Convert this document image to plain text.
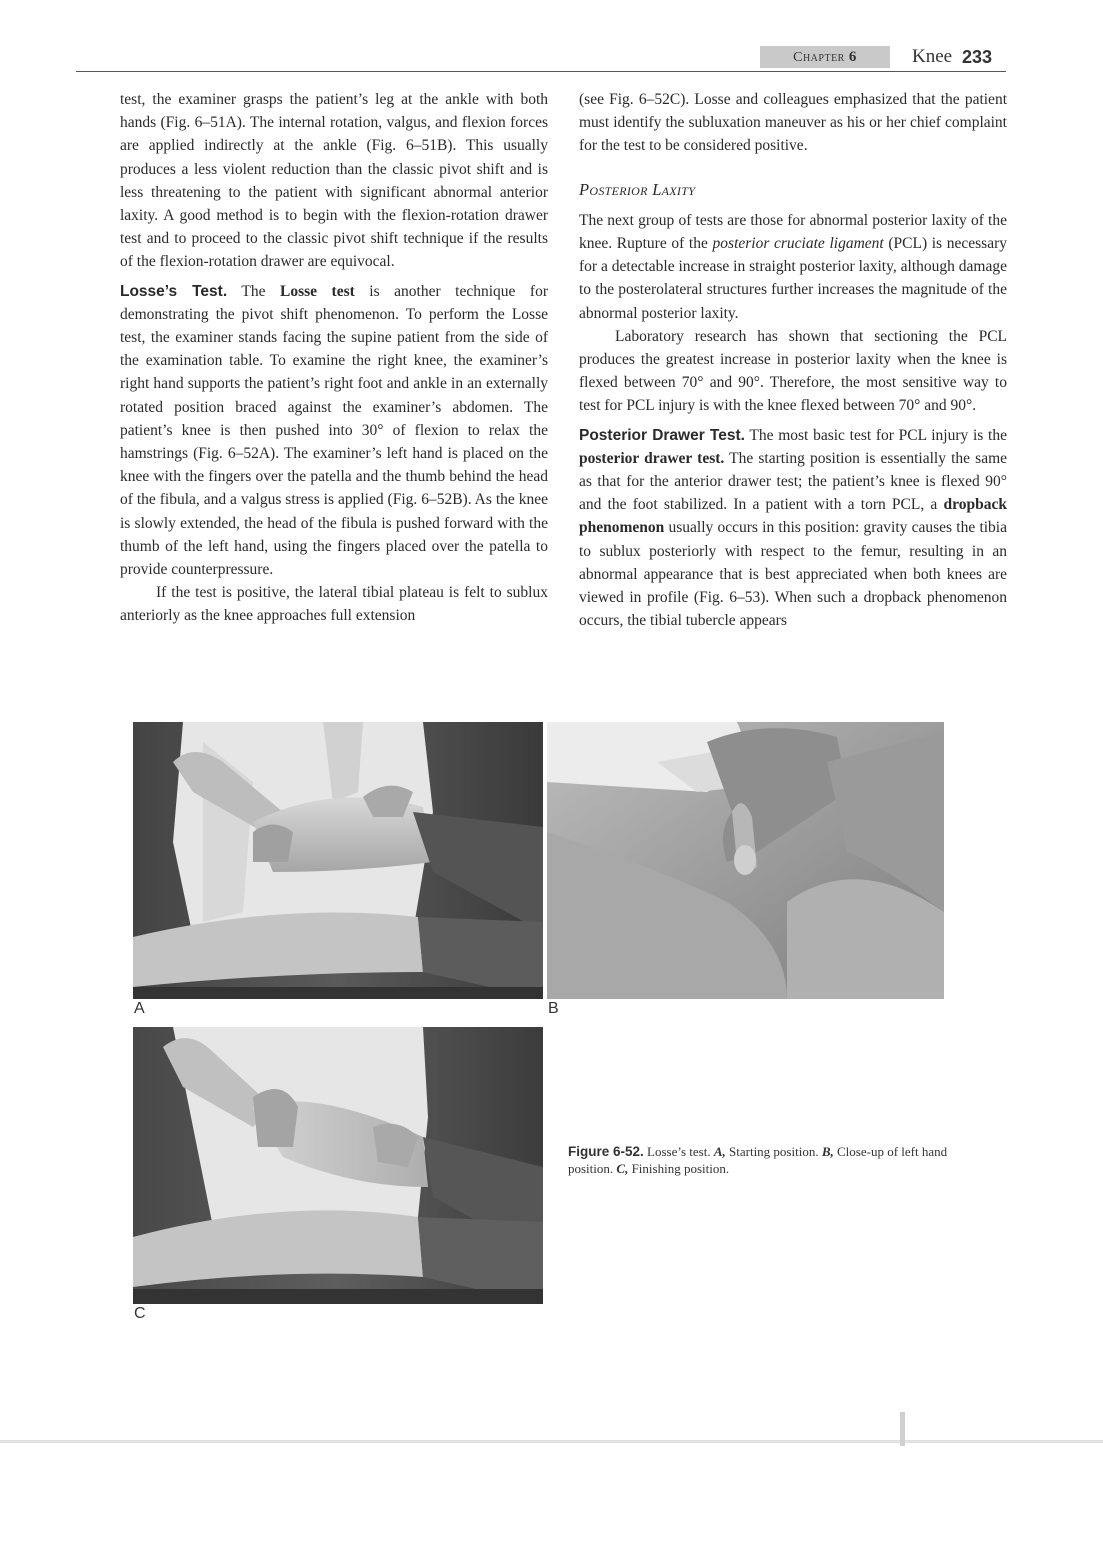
Chapter 6	Knee 233

test, the examiner grasps the patient’s leg at the ankle with both hands (Fig. 6–51A). The internal rotation, valgus, and flexion forces are applied indirectly at the ankle (Fig. 6–51B). This usually produces a less violent reduction than the classic pivot shift and is less threatening to the patient with significant abnormal anterior laxity. A good method is to begin with the flexion-rotation drawer test and to proceed to the classic pivot shift technique if the results of the flexion-rotation drawer are equivocal.

Losse’s Test. The Losse test is another technique for demonstrating the pivot shift phenomenon. To perform the Losse test, the examiner stands facing the supine patient from the side of the examination table. To examine the right knee, the examiner’s right hand supports the patient’s right foot and ankle in an externally rotated position braced against the examiner’s abdomen. The patient’s knee is then pushed into 30° of flexion to relax the hamstrings (Fig. 6–52A). The examiner’s left hand is placed on the knee with the fingers over the patella and the thumb behind the head of the fibula, and a valgus stress is applied (Fig. 6–52B). As the knee is slowly extended, the head of the fibula is pushed forward with the thumb of the left hand, using the fingers placed over the patella to provide counterpressure.

If the test is positive, the lateral tibial plateau is felt to sublux anteriorly as the knee approaches full extension

(see Fig. 6–52C). Losse and colleagues emphasized that the patient must identify the subluxation maneuver as his or her chief complaint for the test to be considered positive.

Posterior Laxity

The next group of tests are those for abnormal posterior laxity of the knee. Rupture of the posterior cruciate ligament (PCL) is necessary for a detectable increase in straight posterior laxity, although damage to the posterolateral structures further increases the magnitude of the abnormal posterior laxity.

Laboratory research has shown that sectioning the PCL produces the greatest increase in posterior laxity when the knee is flexed between 70° and 90°. Therefore, the most sensitive way to test for PCL injury is with the knee flexed between 70° and 90°.

Posterior Drawer Test. The most basic test for PCL injury is the posterior drawer test. The starting position is essentially the same as that for the anterior drawer test; the patient’s knee is flexed 90° and the foot stabilized. In a patient with a torn PCL, a dropback phenomenon usually occurs in this position: gravity causes the tibia to sublux posteriorly with respect to the femur, resulting in an abnormal appearance that is best appreciated when both knees are viewed in profile (Fig. 6–53). When such a dropback phenomenon occurs, the tibial tubercle appears

A	B
C
Figure 6-52. Losse’s test. A, Starting position. B, Close-up of left hand position. C, Finishing position.
